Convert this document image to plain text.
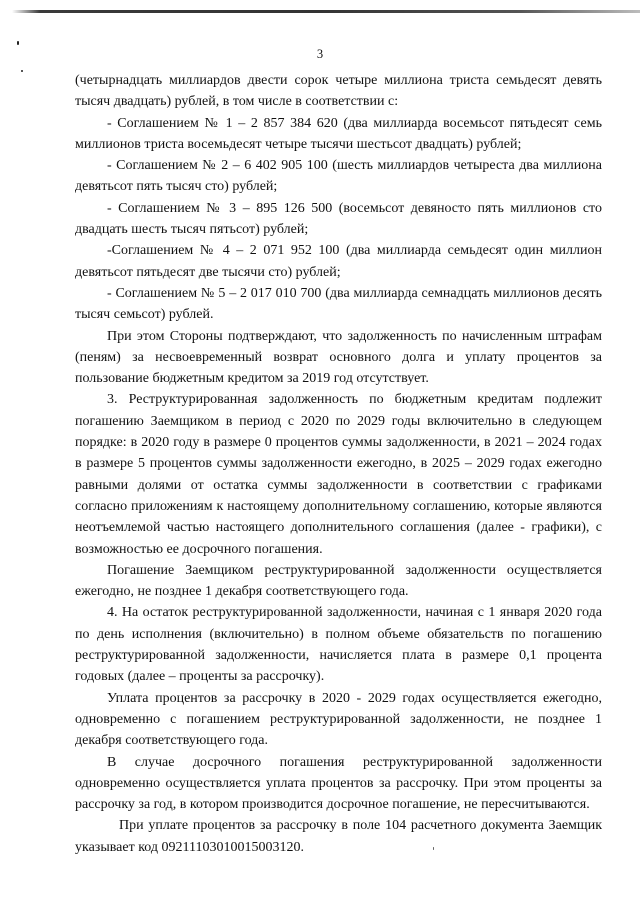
3

(четырнадцать миллиардов двести сорок четыре миллиона триста семьдесят девять тысяч двадцать) рублей, в том числе в соответствии с:

- Соглашением № 1 – 2 857 384 620 (два миллиарда восемьсот пятьдесят семь миллионов триста восемьдесят четыре тысячи шестьсот двадцать) рублей;

- Соглашением № 2 – 6 402 905 100 (шесть миллиардов четыреста два миллиона девятьсот пять тысяч сто) рублей;

- Соглашением № 3 – 895 126 500 (восемьсот девяносто пять миллионов сто двадцать шесть тысяч пятьсот) рублей;

-Соглашением № 4 – 2 071 952 100 (два миллиарда семьдесят один миллион девятьсот пятьдесят две тысячи сто) рублей;

- Соглашением № 5 – 2 017 010 700 (два миллиарда семнадцать миллионов десять тысяч семьсот) рублей.

При этом Стороны подтверждают, что задолженность по начисленным штрафам (пеням) за несвоевременный возврат основного долга и уплату процентов за пользование бюджетным кредитом за 2019 год отсутствует.

3. Реструктурированная задолженность по бюджетным кредитам подлежит погашению Заемщиком в период с 2020 по 2029 годы включительно в следующем порядке: в 2020 году в размере 0 процентов суммы задолженности, в 2021 – 2024 годах в размере 5 процентов суммы задолженности ежегодно, в 2025 – 2029 годах ежегодно равными долями от остатка суммы задолженности в соответствии с графиками согласно приложениям к настоящему дополнительному соглашению, которые являются неотъемлемой частью настоящего дополнительного соглашения (далее - графики), с возможностью ее досрочного погашения.

Погашение Заемщиком реструктурированной задолженности осуществляется ежегодно, не позднее 1 декабря соответствующего года.

4. На остаток реструктурированной задолженности, начиная с 1 января 2020 года по день исполнения (включительно) в полном объеме обязательств по погашению реструктурированной задолженности, начисляется плата в размере 0,1 процента годовых (далее – проценты за рассрочку).

Уплата процентов за рассрочку в 2020 - 2029 годах осуществляется ежегодно, одновременно с погашением реструктурированной задолженности, не позднее 1 декабря соответствующего года.

В случае досрочного погашения реструктурированной задолженности одновременно осуществляется уплата процентов за рассрочку. При этом проценты за рассрочку за год, в котором производится досрочное погашение, не пересчитываются.

При уплате процентов за рассрочку в поле 104 расчетного документа Заемщик указывает код 09211103010015003120.
